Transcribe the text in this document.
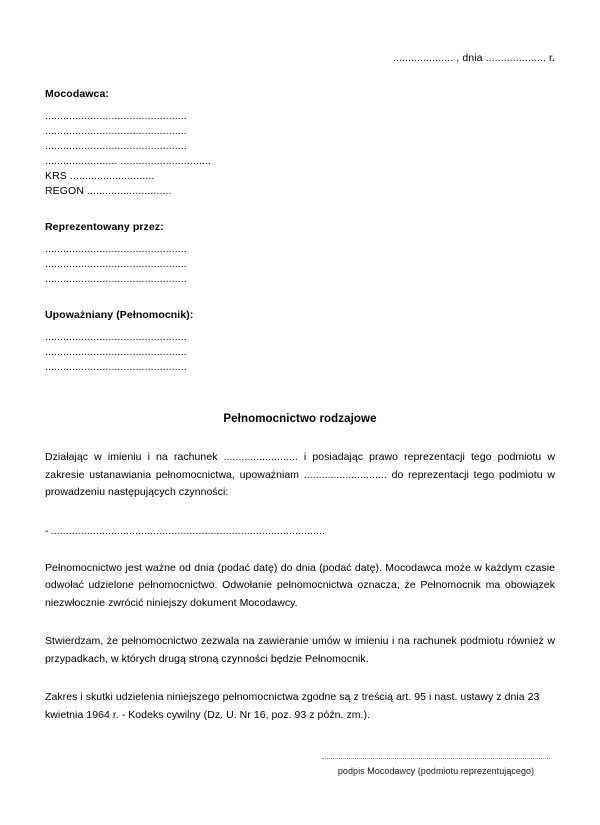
.................... , dnia .................... r.
Mocodawca:
...............................................
...............................................
...............................................
........................ ..............................
KRS ............................
REGON ............................
Reprezentowany przez:
...............................................
...............................................
...............................................
Upoważniany (Pełnomocnik):
...............................................
...............................................
...............................................
Pełnomocnictwo rodzajowe
Działając w imieniu i na rachunek ......................... i posiadając prawo reprezentacji tego podmiotu w zakresie ustanawiania pełnomocnictwa, upoważniam ............................ do reprezentacji tego podmiotu w prowadzeniu następujących czynności:
- ...........................................................................................
Pełnomocnictwo jest ważne od dnia (podać datę) do dnia (podać datę). Mocodawca może w każdym czasie odwołać udzielone pełnomocnictwo. Odwołanie pełnomocnictwa oznacza, że Pełnomocnik ma obowiązek niezwłocznie zwrócić niniejszy dokument Mocodawcy.
Stwierdzam, że pełnomocnictwo zezwala na zawieranie umów w imieniu i na rachunek podmiotu również w przypadkach, w których drugą stroną czynności będzie Pełnomocnik.
Zakres i skutki udzielenia niniejszego pełnomocnictwa zgodne są z treścią art. 95 i nast. ustawy z dnia 23 kwietnia 1964 r. - Kodeks cywilny (Dz. U. Nr 16, poz. 93 z późn. zm.).
podpis Mocodawcy (podmiotu reprezentującego)
